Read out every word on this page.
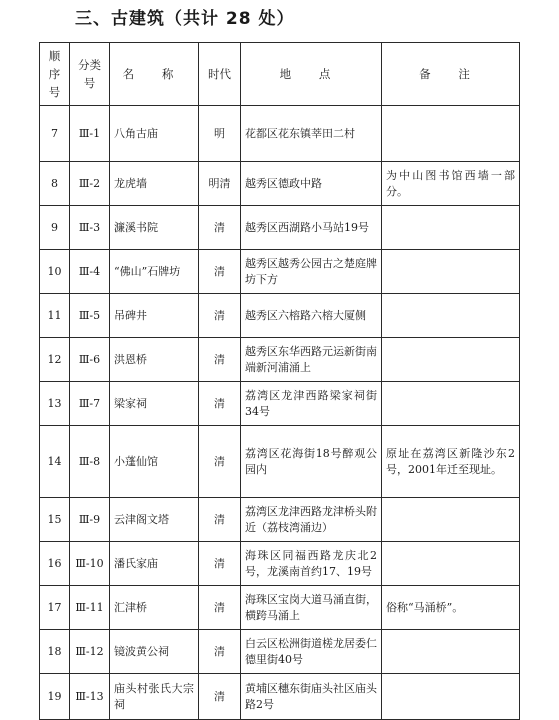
三、古建筑（共计 28 处）
顺序号	分类号	名 称	时代	地 点	备 注
7	Ⅲ-1	八角古庙	明	花都区花东镇莘田二村	
8	Ⅲ-2	龙虎墙	明清	越秀区德政中路	为中山图书馆西墙一部分。
9	Ⅲ-3	濂溪书院	清	越秀区西湖路小马站19号	
10	Ⅲ-4	“佛山”石牌坊	清	越秀区越秀公园古之楚庭牌坊下方	
11	Ⅲ-5	吊碑井	清	越秀区六榕路六榕大厦侧	
12	Ⅲ-6	洪恩桥	清	越秀区东华西路元运新街南端新河浦涌上	
13	Ⅲ-7	梁家祠	清	荔湾区龙津西路梁家祠街34号	
14	Ⅲ-8	小蓬仙馆	清	荔湾区花海街18号醉观公园内	原址在荔湾区新隆沙东2号，2001年迁至现址。
15	Ⅲ-9	云津阁文塔	清	荔湾区龙津西路龙津桥头附近（荔枝湾涌边）	
16	Ⅲ-10	潘氏家庙	清	海珠区同福西路龙庆北2号，龙溪南首约17、19号	
17	Ⅲ-11	汇津桥	清	海珠区宝岗大道马涌直街，横跨马涌上	俗称“马涌桥”。
18	Ⅲ-12	镜波黄公祠	清	白云区松洲街道槎龙居委仁德里街40号	
19	Ⅲ-13	庙头村张氏大宗祠	清	黄埔区穗东街庙头社区庙头路2号	
